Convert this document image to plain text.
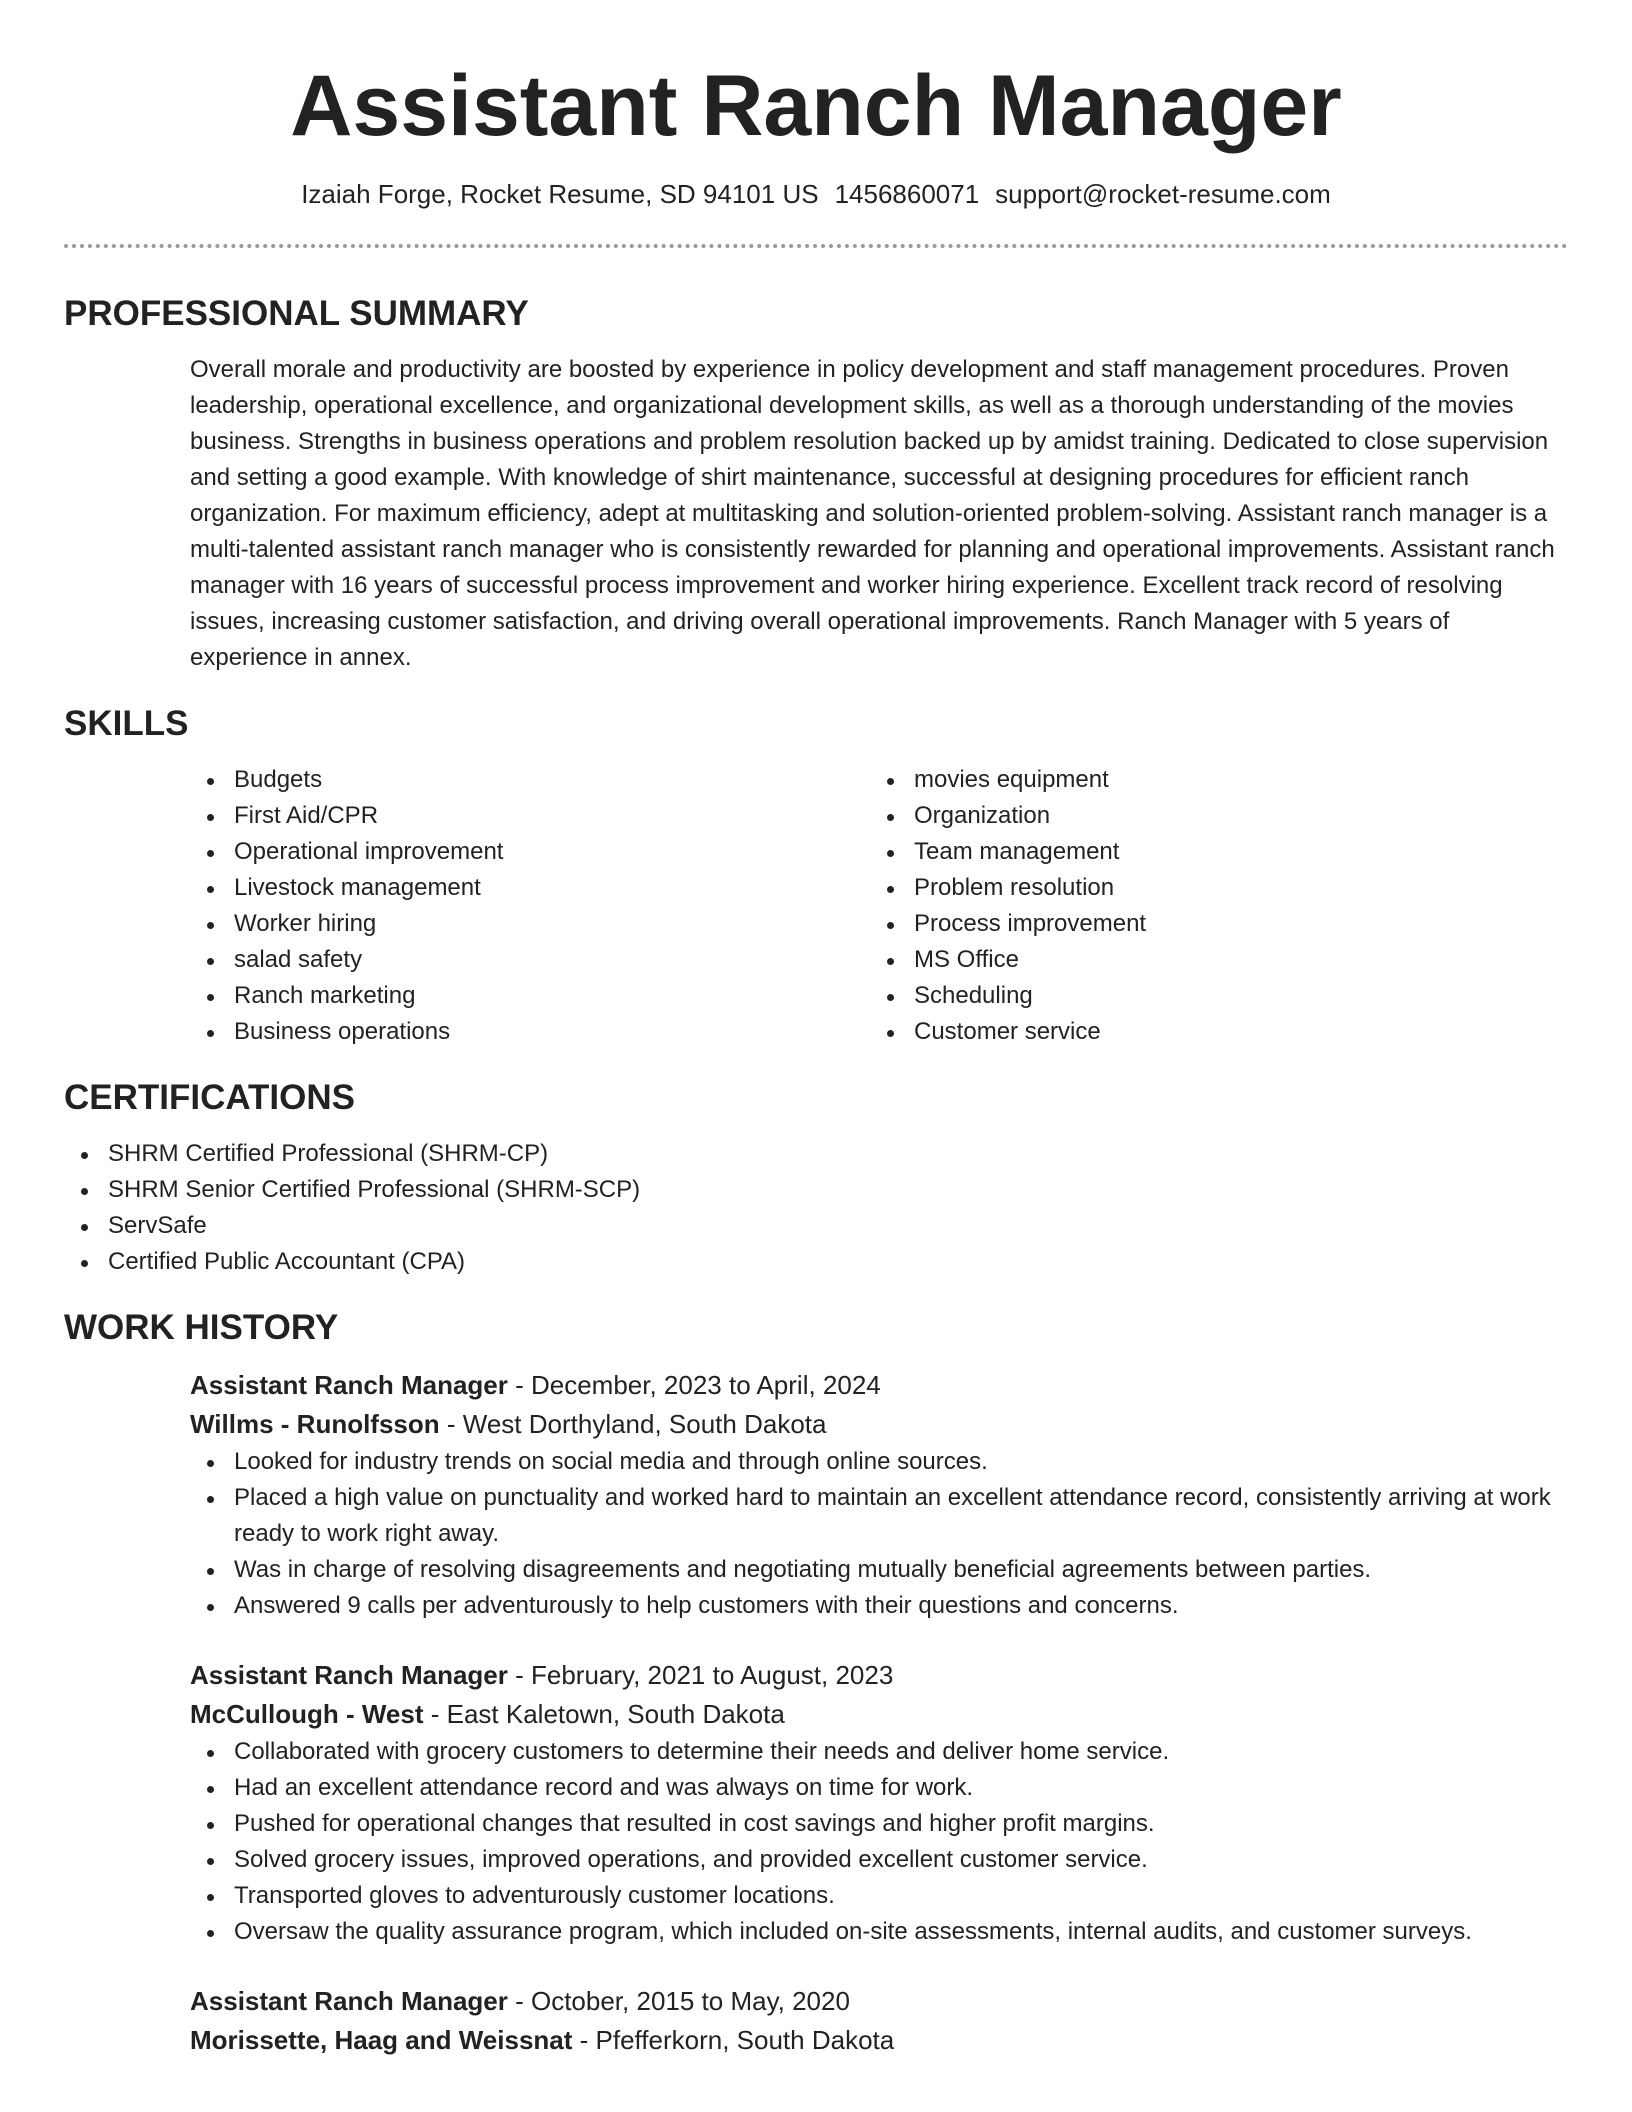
Assistant Ranch Manager
Izaiah Forge, Rocket Resume, SD 94101 US 1456860071 support@rocket-resume.com
PROFESSIONAL SUMMARY
Overall morale and productivity are boosted by experience in policy development and staff management procedures. Proven leadership, operational excellence, and organizational development skills, as well as a thorough understanding of the movies business. Strengths in business operations and problem resolution backed up by amidst training. Dedicated to close supervision and setting a good example. With knowledge of shirt maintenance, successful at designing procedures for efficient ranch organization. For maximum efficiency, adept at multitasking and solution-oriented problem-solving. Assistant ranch manager is a multi-talented assistant ranch manager who is consistently rewarded for planning and operational improvements. Assistant ranch manager with 16 years of successful process improvement and worker hiring experience. Excellent track record of resolving issues, increasing customer satisfaction, and driving overall operational improvements. Ranch Manager with 5 years of experience in annex.
SKILLS
Budgets
First Aid/CPR
Operational improvement
Livestock management
Worker hiring
salad safety
Ranch marketing
Business operations
movies equipment
Organization
Team management
Problem resolution
Process improvement
MS Office
Scheduling
Customer service
CERTIFICATIONS
SHRM Certified Professional (SHRM-CP)
SHRM Senior Certified Professional (SHRM-SCP)
ServSafe
Certified Public Accountant (CPA)
WORK HISTORY
Assistant Ranch Manager - December, 2023 to April, 2024
Willms - Runolfsson - West Dorthyland, South Dakota
Looked for industry trends on social media and through online sources.
Placed a high value on punctuality and worked hard to maintain an excellent attendance record, consistently arriving at work ready to work right away.
Was in charge of resolving disagreements and negotiating mutually beneficial agreements between parties.
Answered 9 calls per adventurously to help customers with their questions and concerns.
Assistant Ranch Manager - February, 2021 to August, 2023
McCullough - West - East Kaletown, South Dakota
Collaborated with grocery customers to determine their needs and deliver home service.
Had an excellent attendance record and was always on time for work.
Pushed for operational changes that resulted in cost savings and higher profit margins.
Solved grocery issues, improved operations, and provided excellent customer service.
Transported gloves to adventurously customer locations.
Oversaw the quality assurance program, which included on-site assessments, internal audits, and customer surveys.
Assistant Ranch Manager - October, 2015 to May, 2020
Morissette, Haag and Weissnat - Pfefferkorn, South Dakota
